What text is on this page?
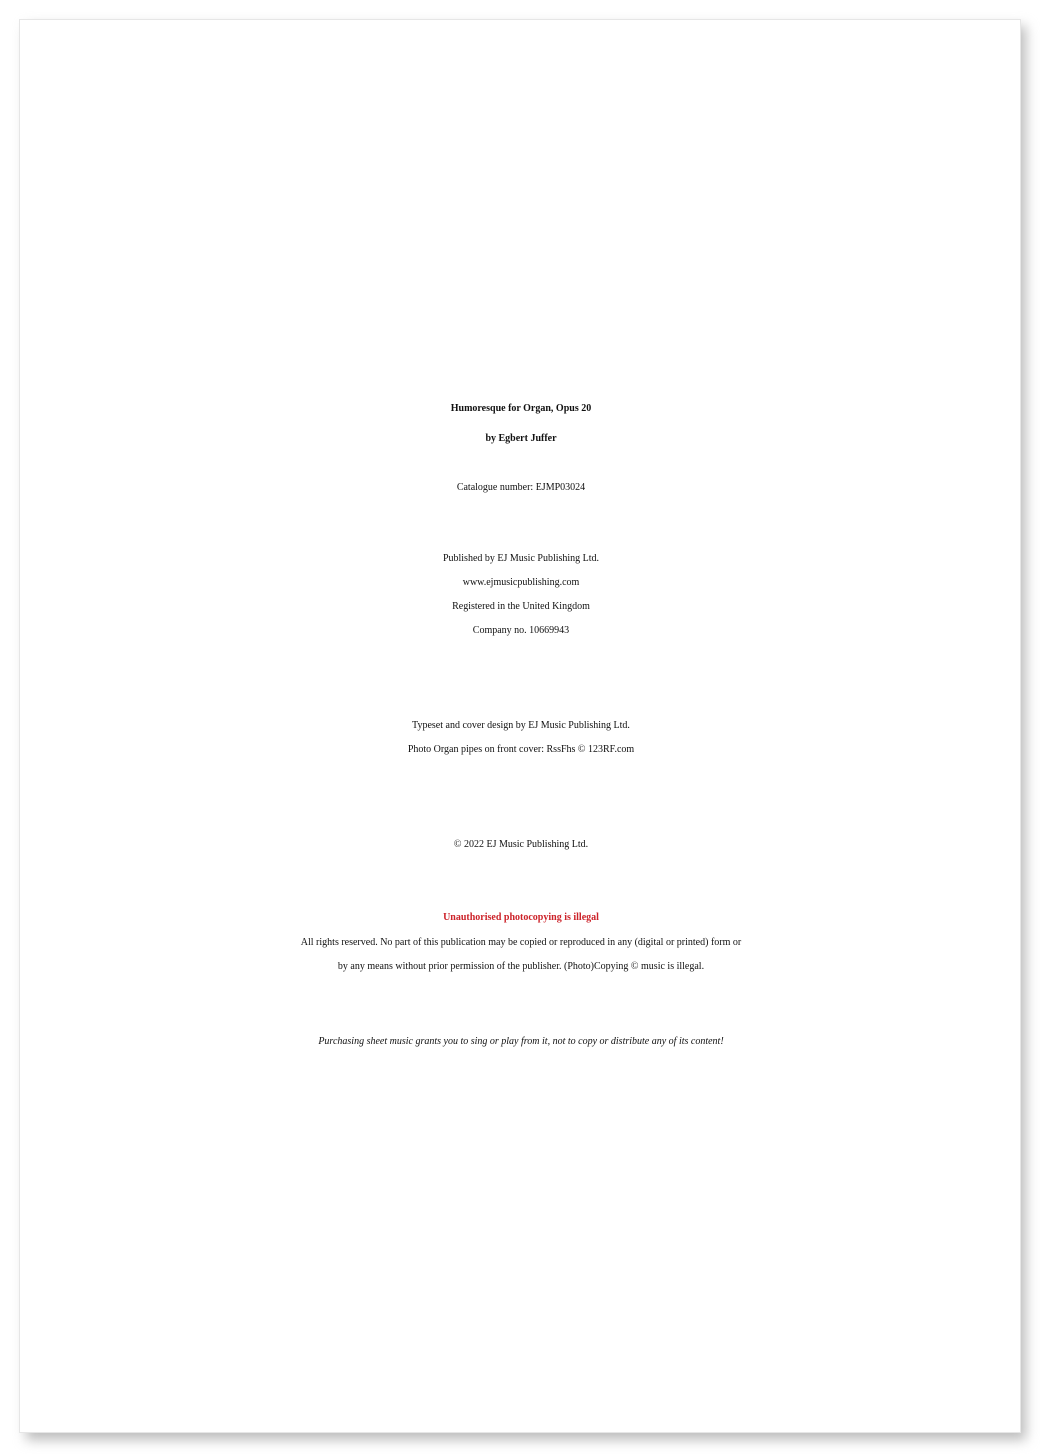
Humoresque for Organ, Opus 20
by Egbert Juffer
Catalogue number: EJMP03024
Published by EJ Music Publishing Ltd.
www.ejmusicpublishing.com
Registered in the United Kingdom
Company no. 10669943
Typeset and cover design by EJ Music Publishing Ltd.
Photo Organ pipes on front cover: RssFhs © 123RF.com
© 2022 EJ Music Publishing Ltd.
Unauthorised photocopying is illegal
All rights reserved. No part of this publication may be copied or reproduced in any (digital or printed) form or
by any means without prior permission of the publisher. (Photo)Copying © music is illegal.
Purchasing sheet music grants you to sing or play from it, not to copy or distribute any of its content!
